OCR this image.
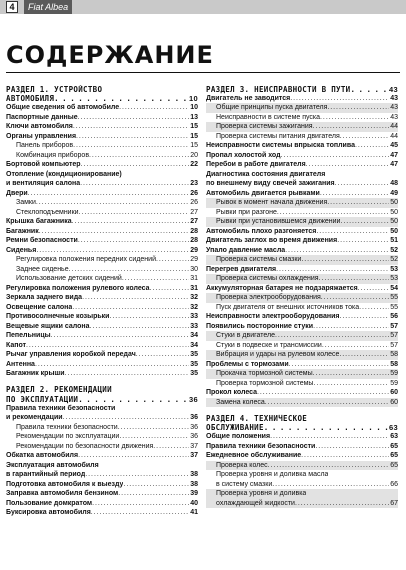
4	Fiat Albea
СОДЕРЖАНИЕ
РАЗДЕЛ 1. УСТРОЙСТВО
АВТОМОБИЛЯ . . .	10
Общие сведения об автомобиле . . .	10
Паспортные данные . . .	13
Ключи автомобиля . . .	15
Органы управления . . .	15
Панель приборов . . .	15
Комбинация приборов . . .	20
Бортовой компьютер . . .	22
Отопление (кондиционирование)
и вентиляция салона . . .	23
Двери . . .	26
Замки . . .	26
Стеклоподъемники . . .	27
Крышка багажника . . .	27
Багажник . . .	28
Ремни безопасности . . .	28
Сиденья . . .	29
Регулировка положения передних сидений . . .	29
Заднее сиденье . . .	30
Использование детских сидений . . .	31
Регулировка положения рулевого колеса . . .	31
Зеркала заднего вида . . .	32
Освещение салона . . .	32
Противосолнечные козырьки . . .	33
Вещевые ящики салона . . .	33
Пепельницы . . .	34
Капот . . .	34
Рычаг управления коробкой передач . . .	35
Антенна . . .	35
Багажник крыши . . .	35
РАЗДЕЛ 2. РЕКОМЕНДАЦИИ
ПО ЭКСПЛУАТАЦИИ . . .	36
Правила техники безопасности
и рекомендации . . .	36
Правила техники безопасности . . .	36
Рекомендации по эксплуатации . . .	36
Рекомендации по безопасности движения . . .	37
Обкатка автомобиля . . .	37
Эксплуатация автомобиля
в гарантийный период . . .	38
Подготовка автомобиля к выезду . . .	38
Заправка автомобиля бензином . . .	39
Пользование домкратом . . .	40
Буксировка автомобиля . . .	41
РАЗДЕЛ 3. НЕИСПРАВНОСТИ В ПУТИ . . .	43
Двигатель не заводится . . .	43
Общие принципы пуска двигателя . . .	43
Неисправности в системе пуска . . .	43
Проверка системы зажигания . . .	44
Проверка системы питания двигателя . . .	44
Неисправности системы впрыска топлива . . .	45
Пропал холостой ход . . .	47
Перебои в работе двигателя . . .	47
Диагностика состояния двигателя
по внешнему виду свечей зажигания . . .	48
Автомобиль двигается рывками . . .	49
Рывок в момент начала движения . . .	50
Рывки при разгоне . . .	50
Рывки при установившемся движении . . .	50
Автомобиль плохо разгоняется . . .	50
Двигатель заглох во время движения . . .	51
Упало давление масла . . .	52
Проверка системы смазки . . .	52
Перегрев двигателя . . .	53
Проверка системы охлаждения . . .	53
Аккумуляторная батарея не подзаряжается . . .	54
Проверка электрооборудования . . .	55
Пуск двигателя от внешних источников тока . . .	55
Неисправности электрооборудования . . .	56
Появились посторонние стуки . . .	57
Стуки в двигателе . . .	57
Стуки в подвеске и трансмиссии . . .	57
Вибрация и удары на рулевом колесе . . .	58
Проблемы с тормозами . . .	58
Прокачка тормозной системы . . .	59
Проверка тормозной системы . . .	59
Прокол колеса . . .	60
Замена колеса . . .	60
РАЗДЕЛ 4. ТЕХНИЧЕСКОЕ
ОБСЛУЖИВАНИЕ . . .	63
Общие положения . . .	63
Правила техники безопасности . . .	65
Ежедневное обслуживание . . .	65
Проверка колес . . .	65
Проверка уровня и доливка масла
в систему смазки . . .	66
Проверка уровня и доливка
охлаждающей жидкости . . .	67
